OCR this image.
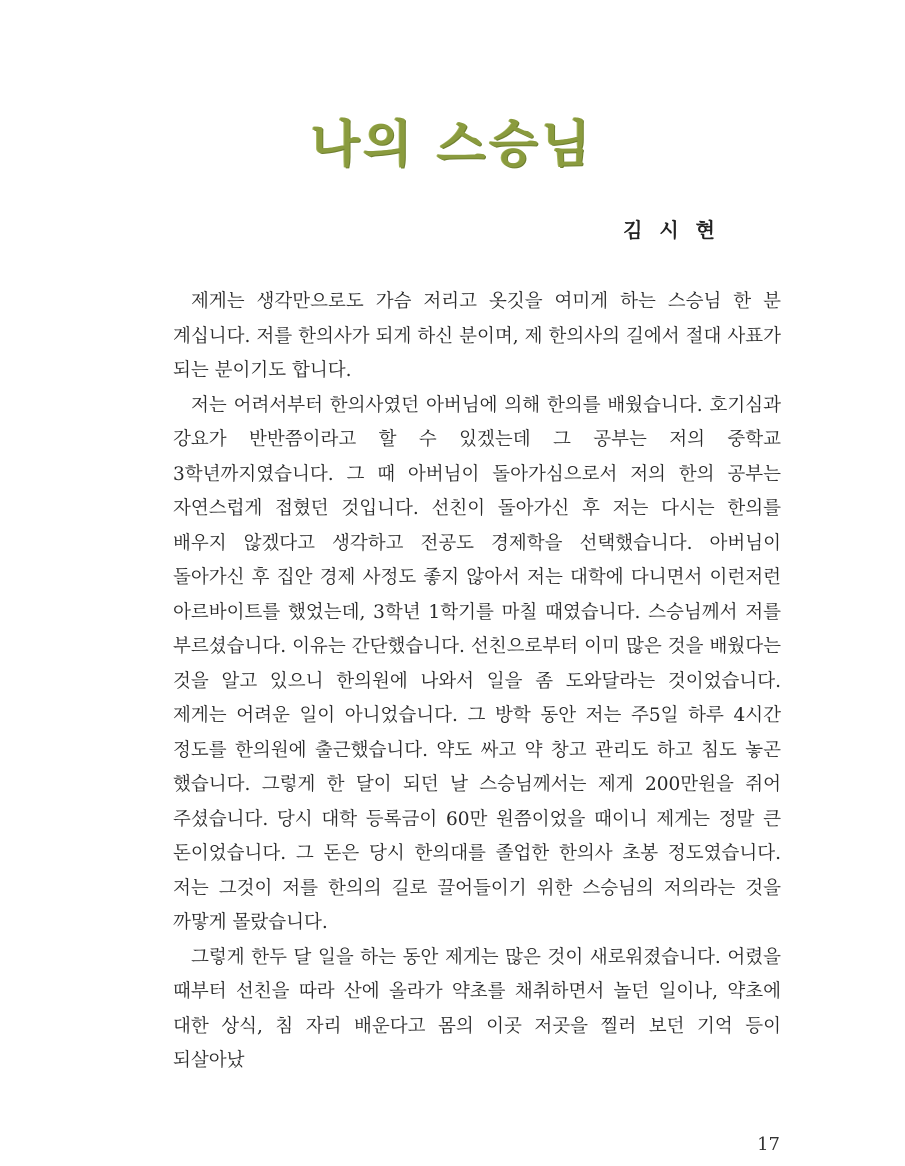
나의 스승님
김 시 현

제게는 생각만으로도 가슴 저리고 옷깃을 여미게 하는 스승님 한 분 계십니다. 저를 한의사가 되게 하신 분이며, 제 한의사의 길에서 절대 사표가 되는 분이기도 합니다.

저는 어려서부터 한의사였던 아버님에 의해 한의를 배웠습니다. 호기심과 강요가 반반쯤이라고 할 수 있겠는데 그 공부는 저의 중학교 3학년까지였습니다. 그 때 아버님이 돌아가심으로서 저의 한의 공부는 자연스럽게 접혔던 것입니다. 선친이 돌아가신 후 저는 다시는 한의를 배우지 않겠다고 생각하고 전공도 경제학을 선택했습니다. 아버님이 돌아가신 후 집안 경제 사정도 좋지 않아서 저는 대학에 다니면서 이런저런 아르바이트를 했었는데, 3학년 1학기를 마칠 때였습니다. 스승님께서 저를 부르셨습니다. 이유는 간단했습니다. 선친으로부터 이미 많은 것을 배웠다는 것을 알고 있으니 한의원에 나와서 일을 좀 도와달라는 것이었습니다. 제게는 어려운 일이 아니었습니다. 그 방학 동안 저는 주5일 하루 4시간 정도를 한의원에 출근했습니다. 약도 싸고 약 창고 관리도 하고 침도 놓곤 했습니다. 그렇게 한 달이 되던 날 스승님께서는 제게 200만원을 쥐어 주셨습니다. 당시 대학 등록금이 60만 원쯤이었을 때이니 제게는 정말 큰 돈이었습니다. 그 돈은 당시 한의대를 졸업한 한의사 초봉 정도였습니다. 저는 그것이 저를 한의의 길로 끌어들이기 위한 스승님의 저의라는 것을 까맣게 몰랐습니다.

그렇게 한두 달 일을 하는 동안 제게는 많은 것이 새로워졌습니다. 어렸을 때부터 선친을 따라 산에 올라가 약초를 채취하면서 놀던 일이나, 약초에 대한 상식, 침 자리 배운다고 몸의 이곳 저곳을 찔러 보던 기억 등이 되살아났

17
